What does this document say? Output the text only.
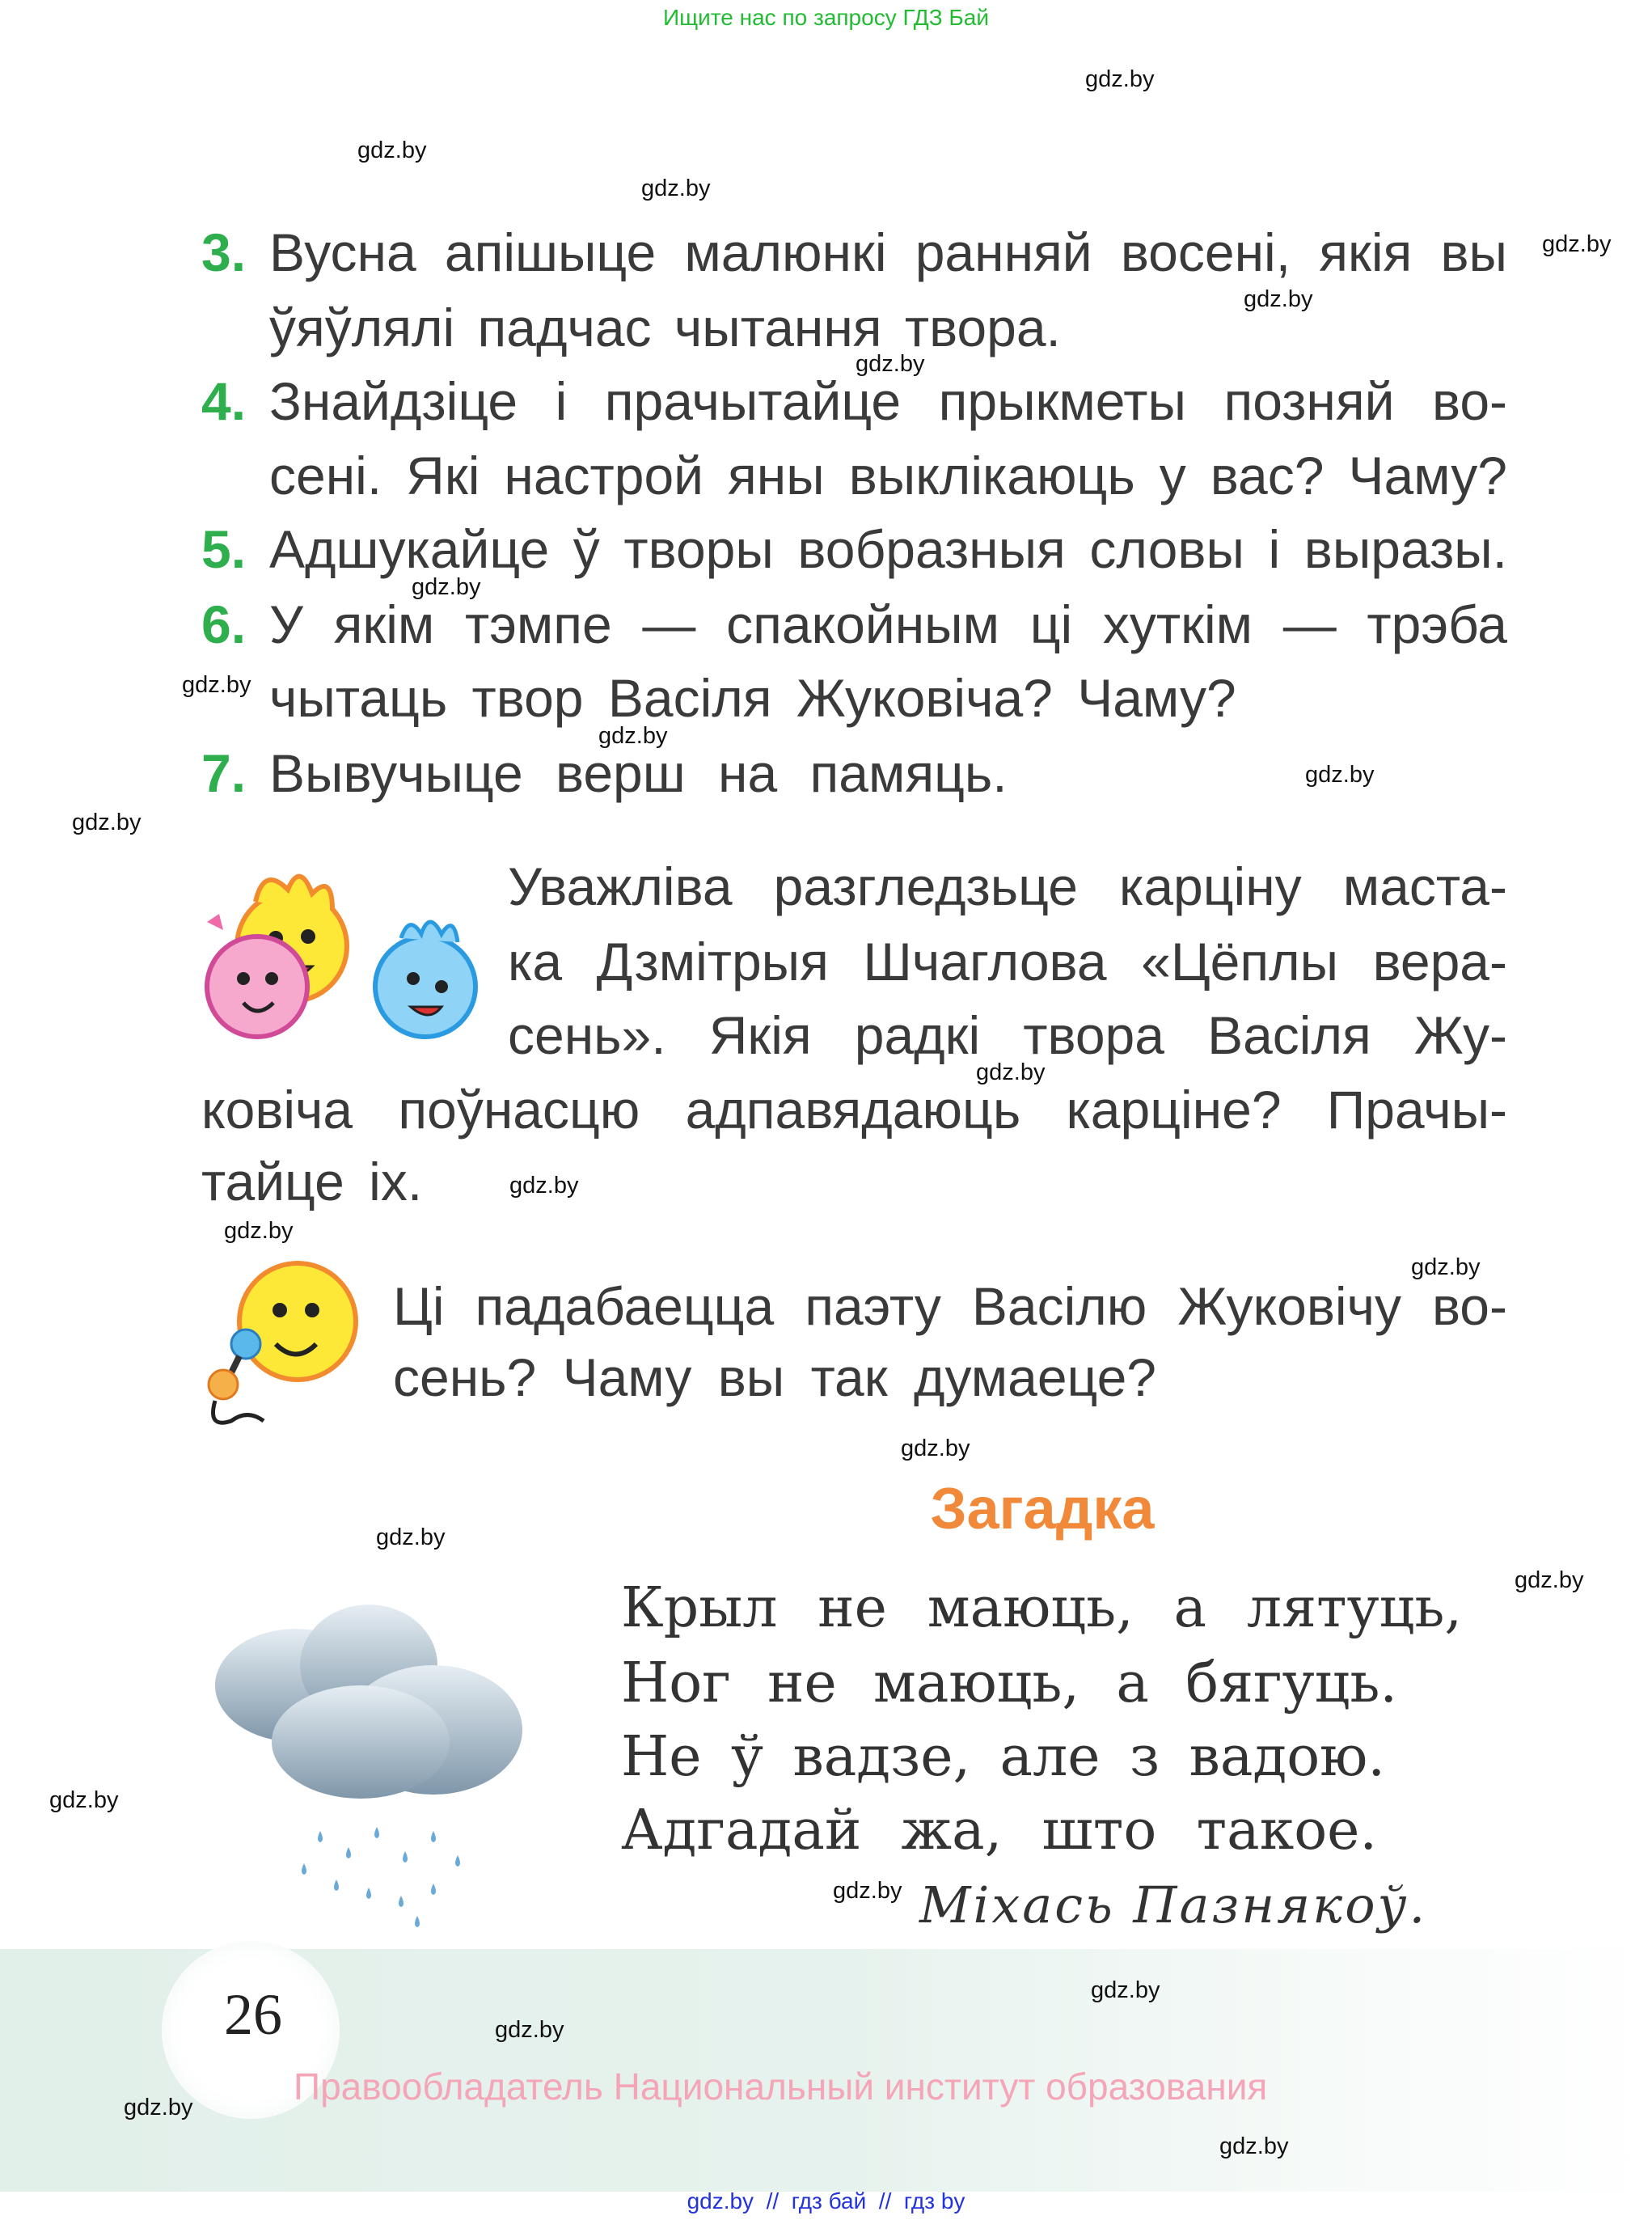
Ищите нас по запросу ГДЗ Бай
3. Вусна апішыце малюнкі ранняй восені, якія вы
ўяўлялі падчас чытання твора.
4. Знайдзіце і прачытайце прыкметы позняй во-
сені. Які настрой яны выклікаюць у вас? Чаму?
5. Адшукайце ў творы вобразныя словы і выразы.
6. У якім тэмпе — спакойным ці хуткім — трэба
чытаць твор Васіля Жуковіча? Чаму?
7. Вывучыце верш на памяць.
Уважліва разгледзьце карціну маста-
ка Дзмітрыя Шчаглова «Цёплы вера-
сень». Якія радкі твора Васіля Жу-
ковіча поўнасцю адпавядаюць карціне? Прачы-
тайце іх.
Ці падабаецца паэту Васілю Жуковічу во-
сень? Чаму вы так думаеце?
Загадка
Крыл не маюць, а лятуць,
Ног не маюць, а бягуць.
Не ў вадзе, але з вадою.
Адгадай жа, што такое.
Міхась Пазнякоў.
26
Правообладатель Национальный институт образования
gdz.by  //  гдз бай  //  гдз by
gdz.by
gdz.by
gdz.by
gdz.by
gdz.by
gdz.by
gdz.by
gdz.by
gdz.by
gdz.by
gdz.by
gdz.by
gdz.by
gdz.by
gdz.by
gdz.by
gdz.by
gdz.by
gdz.by
gdz.by
gdz.by
gdz.by
gdz.by
gdz.by
